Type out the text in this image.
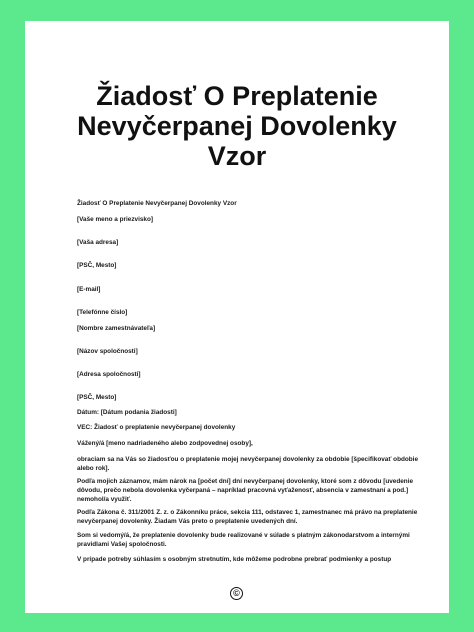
Žiadosť O Preplatenie
Nevyčerpanej Dovolenky
Vzor

Žiadosť O Preplatenie Nevyčerpanej Dovolenky Vzor

[Vaše meno a priezvisko]

[Vaša adresa]

[PSČ, Mesto]

[E-mail]

[Telefónne číslo]

[Nombre zamestnávateľa]

[Názov spoločnosti]

[Adresa spoločnosti]

[PSČ, Mesto]

Dátum: [Dátum podania žiadosti]

VEC: Žiadosť o preplatenie nevyčerpanej dovolenky

Vážený/á [meno nadriadeného alebo zodpovednej osoby],

obraciam sa na Vás so žiadosťou o preplatenie mojej nevyčerpanej dovolenky za obdobie [špecifikovať obdobie alebo rok].

Podľa mojich záznamov, mám nárok na [počet dní] dní nevyčerpanej dovolenky, ktoré som z dôvodu [uvedenie dôvodu, prečo nebola dovolenka vyčerpaná – napríklad pracovná vyťaženosť, absencia v zamestnaní a pod.] nemohol/a využiť.

Podľa Zákona č. 311/2001 Z. z. o Zákonníku práce, sekcia 111, odstavec 1, zamestnanec má právo na preplatenie nevyčerpanej dovolenky. Žiadam Vás preto o preplatenie uvedených dní.

Som si vedomý/á, že preplatenie dovolenky bude realizované v súlade s platným zákonodarstvom a internými pravidlami Vašej spoločnosti.

V prípade potreby súhlasím s osobným stretnutím, kde môžeme podrobne prebrať podmienky a postup

©
